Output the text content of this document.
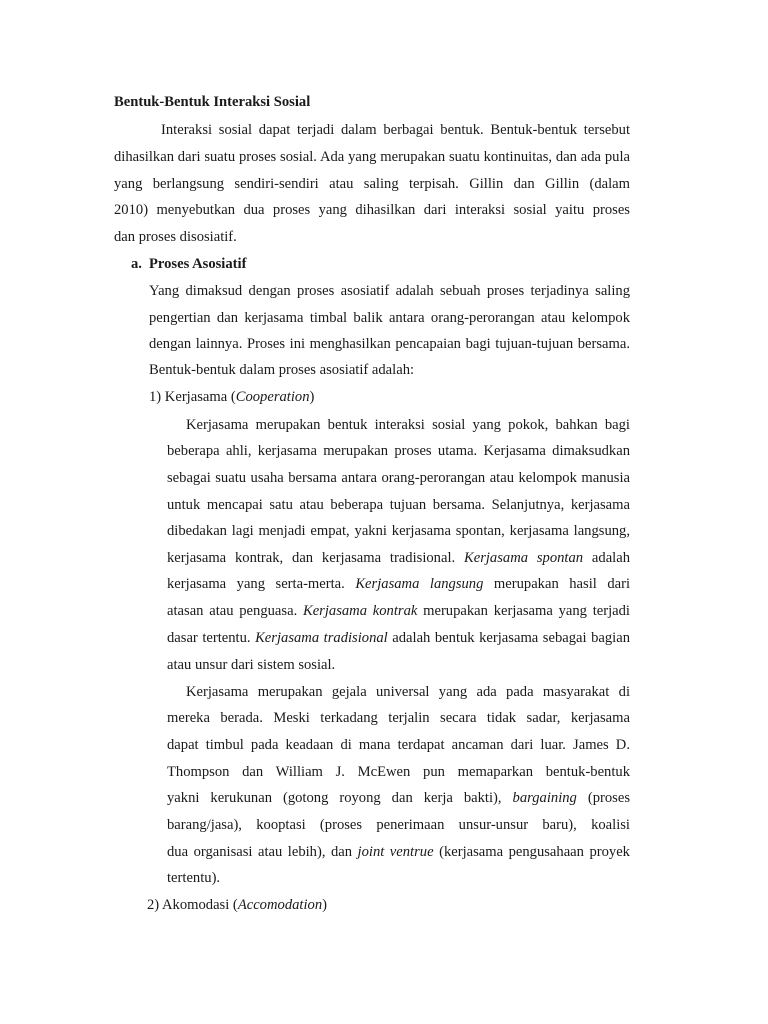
Bentuk-Bentuk Interaksi Sosial
Interaksi sosial dapat terjadi dalam berbagai bentuk. Bentuk-bentuk tersebut
dihasilkan dari suatu proses sosial. Ada yang merupakan suatu kontinuitas, dan ada pula
yang berlangsung sendiri-sendiri atau saling terpisah. Gillin dan Gillin (dalam
2010) menyebutkan dua proses yang dihasilkan dari interaksi sosial yaitu proses
dan proses disosiatif.
a. Proses Asosiatif
Yang dimaksud dengan proses asosiatif adalah sebuah proses terjadinya saling
pengertian dan kerjasama timbal balik antara orang-perorangan atau kelompok
dengan lainnya. Proses ini menghasilkan pencapaian bagi tujuan-tujuan bersama.
Bentuk-bentuk dalam proses asosiatif adalah:
1) Kerjasama (Cooperation)
Kerjasama merupakan bentuk interaksi sosial yang pokok, bahkan bagi
beberapa ahli, kerjasama merupakan proses utama. Kerjasama dimaksudkan
sebagai suatu usaha bersama antara orang-perorangan atau kelompok manusia
untuk mencapai satu atau beberapa tujuan bersama. Selanjutnya, kerjasama
dibedakan lagi menjadi empat, yakni kerjasama spontan, kerjasama langsung,
kerjasama kontrak, dan kerjasama tradisional. Kerjasama spontan adalah
kerjasama yang serta-merta. Kerjasama langsung merupakan hasil dari
atasan atau penguasa. Kerjasama kontrak merupakan kerjasama yang terjadi
dasar tertentu. Kerjasama tradisional adalah bentuk kerjasama sebagai bagian
atau unsur dari sistem sosial.
Kerjasama merupakan gejala universal yang ada pada masyarakat di
mereka berada. Meski terkadang terjalin secara tidak sadar, kerjasama
dapat timbul pada keadaan di mana terdapat ancaman dari luar. James D.
Thompson dan William J. McEwen pun memaparkan bentuk-bentuk
yakni kerukunan (gotong royong dan kerja bakti), bargaining (proses
barang/jasa), kooptasi (proses penerimaan unsur-unsur baru), koalisi
dua organisasi atau lebih), dan joint ventrue (kerjasama pengusahaan proyek
tertentu).
2) Akomodasi (Accomodation)
